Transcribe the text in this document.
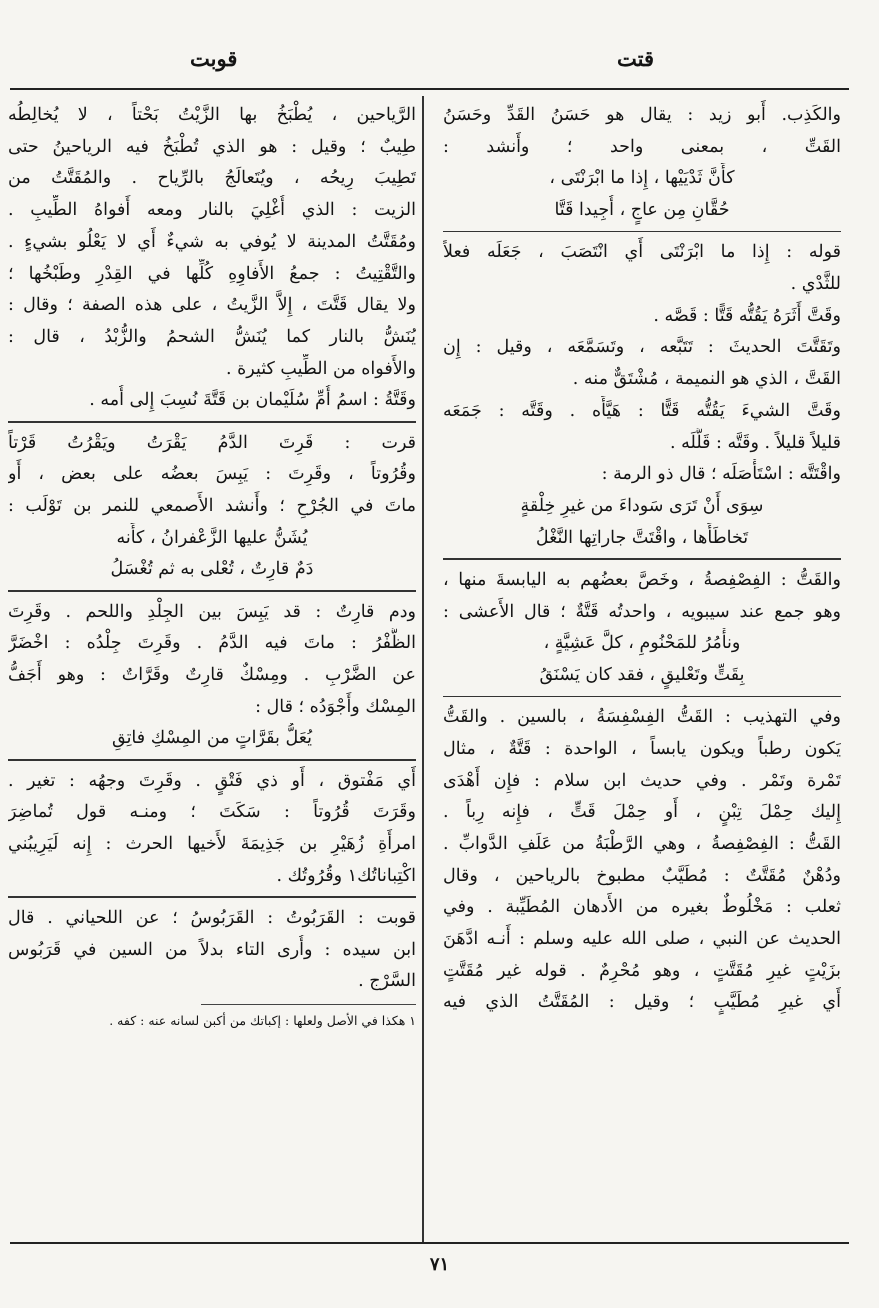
قتت
قوبت
والكَذِب. أَبو زيد : يقال هو حَسَنُ القَدِّ وحَسَنُ
القَتِّ ، بمعنى واحد ؛ وأَنشد :
كأَنَّ ثَدْيَيْها ، إِذا ما ابْرَنْتَى ،
حُقَّانِ مِن عاجٍ ، أُجِيدا قَتَّا
قوله : إِذا ما ابْرَنْتَى أَي انْتَصَبَ ، جَعَلَه فعلاً
للثَّدْي .
وقَتَّ أَثَرَهُ يَقُتُّه قَتًّا : قَصَّه .
وتَقَتَّتَ الحديثَ : تَتَبَّعه ، وتَسَمَّعَه ، وقيل : إِن
القَتَّ ، الذي هو النميمة ، مُشْتَقٌّ منه .
وقَتَّ الشيءَ يَقُتُّه قَتًّا : هَيَّأَه . وقَتَّه : جَمَعَه
قليلاً قليلاً . وقَتَّه : قَلَّلَه .
واقْتَتَّه : اسْتَأْصَلَه ؛ قال ذو الرمة :
سِوَى أَنْ تَرَى سَوداءَ من غيرِ خِلْقةٍ
تَخاطَأَها ، واقْتَتَّ جاراتِها النَّغْلُ
والقَتُّ : الفِصْفِصةُ ، وخَصَّ بعضُهم به اليابسةَ منها ،
وهو جمع عند سيبويه ، واحدتُه قَتَّةٌ ؛ قال الأَعشى :
ونأْمُرُ للمَحْنُومِ ، كلَّ عَشِيَّةٍ ،
بِقَتٍّ وتَعْليقٍ ، فقد كان يَسْنَقُ
وفي التهذيب : القَتُّ الفِسْفِسَةُ ، بالسين . والقَتُّ
يَكون رطباً ويكون يابساً ، الواحدة : قَتَّةٌ ، مثال
تَمْرة وتَمْر . وفي حديث ابن سلام : فإِن أَهْدَى
إِليك حِمْلَ تِبْنٍ ، أَو حِمْلَ قَتٍّ ، فإِنه رِباً .
القَتُّ : الفِصْفِصةُ ، وهي الرَّطْبَةُ من عَلَفِ الدَّوابِّ .
ودُهْنٌ مُقَتَّتٌ : مُطَيَّبٌ مطبوخ بالرياحين ، وقال
ثعلب : مَخْلُوطٌ بغيره من الأَدهان المُطَيِّبة . وفي
الحديث عن النبي ، صلى الله عليه وسلم : أَنـه ادَّهَنَ
بزَيْتٍ غيرِ مُقَتَّتٍ ، وهو مُحْرِمٌ . قوله غير مُقَتَّتٍ
أَي غيرِ مُطَيَّبٍ ؛ وقيل : المُقَتَّتُ الذي فيه
الرَّياحين ، يُطْبَخُ بها الزَّيْتُ بَحْتاً ، لا يُخالِطُه
طِيبٌ ؛ وقيل : هو الذي تُطْبَخُ فيه الرياحينُ حتى
تَطِيبَ رِيحُه ، ويُتَعالَجُ بالرِّياح . والمُقَتَّتُ من
الزيت : الذي أُغْلِيَ بالنار ومعه أَفواهُ الطِّيبِ .
ومُقَتَّتُ المدينة لا يُوفي به شيءٌ أَي لا يَعْلُو بشيءٍ .
والتَّقْتِيتُ : جمعُ الأَفاوِهِ كُلِّها في القِدْرِ وطَبْخُها ؛
ولا يقال قَتَّتَ ، إِلاَّ الزَّيتُ ، على هذه الصفة ؛ وقال :
يُنَشُّ بالنار كما يُنَشُّ الشحمُ والزُّبْدُ ، قال :
والأَفواه من الطِّيبِ كثيرة .
وقَتَّةُ : اسمُ أُمِّ سُلَيْمان بن قَتَّةَ نُسِبَ إِلى أُمه .
قرت : قَرِتَ الدَّمُ يَقْرَتُ ويَقْرُتُ قَرْتاً
وقُرُوتاً ، وقَرِتَ : يَبِسَ بعضُه على بعض ، أَو
ماتَ في الجُرْحِ ؛ وأَنشد الأَصمعي للنمر بن تَوْلَب :
يُشَنُّ عليها الزَّعْفرانُ ، كأَنه
دَمٌ قارِتٌ ، تُعْلى به ثم تُغْسَلُ
ودم قارِتٌ : قد يَبِسَ بين الجِلْدِ واللحم . وقَرِتَ
الظُّفْرُ : ماتَ فيه الدَّمُ . وقَرِتَ جِلْدُه : اخْضَرَّ
عن الضَّرْبِ . ومِسْكٌ قارِتٌ وقَرَّاتٌ : وهو أَجَفُّ
المِسْك وأَجْوَدُه ؛ قال :
يُعَلُّ بقَرَّاتٍ من المِسْكِ فاتِقِ
أَي مَفْتوق ، أَو ذي فَتْقٍ . وقَرِتَ وجهُه : تغير .
وقَرَتَ قُرُوتاً : سَكَتَ ؛ ومنـه قول تُماضِرَ
امرأَةِ زُهَيْرِ بن جَذِيمَةَ لأَخيها الحرث : إِنه لَيَرِيبُني
اكْتِباناتُك١ وقُرُوتُك .
قوبت : القَرَبُوتُ : القَرَبُوسُ ؛ عن اللحياني . قال
ابن سيده : وأُرى التاء بدلاً من السين في قَرَبُوس
السَّرْج .
١ هكذا في الأصل ولعلها : إكباتك من أكبن لسانه عنه : كفه .
٧١
